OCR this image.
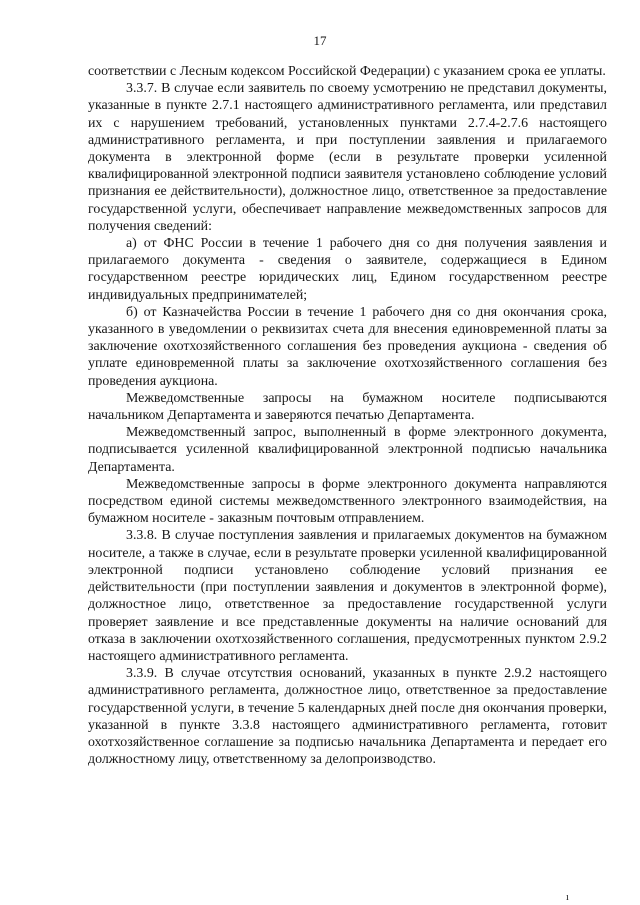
17

соответствии с Лесным кодексом Российской Федерации) с указанием срока ее уплаты.

3.3.7. В случае если заявитель по своему усмотрению не представил документы, указанные в пункте 2.7.1 настоящего административного регламента, или представил их с нарушением требований, установленных пунктами 2.7.4-2.7.6 настоящего административного регламента, и при поступлении заявления и прилагаемого документа в электронной форме (если в результате проверки усиленной квалифицированной электронной подписи заявителя установлено соблюдение условий признания ее действительности), должностное лицо, ответственное за предоставление государственной услуги, обеспечивает направление межведомственных запросов для получения сведений:

а) от ФНС России в течение 1 рабочего дня со дня получения заявления и прилагаемого документа - сведения о заявителе, содержащиеся в Едином государственном реестре юридических лиц, Едином государственном реестре индивидуальных предпринимателей;

б) от Казначейства России в течение 1 рабочего дня со дня окончания срока, указанного в уведомлении о реквизитах счета для внесения единовременной платы за заключение охотхозяйственного соглашения без проведения аукциона - сведения об уплате единовременной платы за заключение охотхозяйственного соглашения без проведения аукциона.

Межведомственные запросы на бумажном носителе подписываются начальником Департамента и заверяются печатью Департамента.

Межведомственный запрос, выполненный в форме электронного документа, подписывается усиленной квалифицированной электронной подписью начальника Департамента.

Межведомственные запросы в форме электронного документа направляются посредством единой системы межведомственного электронного взаимодействия, на бумажном носителе - заказным почтовым отправлением.

3.3.8. В случае поступления заявления и прилагаемых документов на бумажном носителе, а также в случае, если в результате проверки усиленной квалифицированной электронной подписи установлено соблюдение условий признания ее действительности (при поступлении заявления и документов в электронной форме), должностное лицо, ответственное за предоставление государственной услуги проверяет заявление и все представленные документы на наличие оснований для отказа в заключении охотхозяйственного соглашения, предусмотренных пунктом 2.9.2 настоящего административного регламента.

3.3.9. В случае отсутствия оснований, указанных в пункте 2.9.2 настоящего административного регламента, должностное лицо, ответственное за предоставление государственной услуги, в течение 5 календарных дней после дня окончания проверки, указанной в пункте 3.3.8 настоящего административного регламента, готовит охотхозяйственное соглашение за подписью начальника Департамента и передает его должностному лицу, ответственному за делопроизводство.

ı
